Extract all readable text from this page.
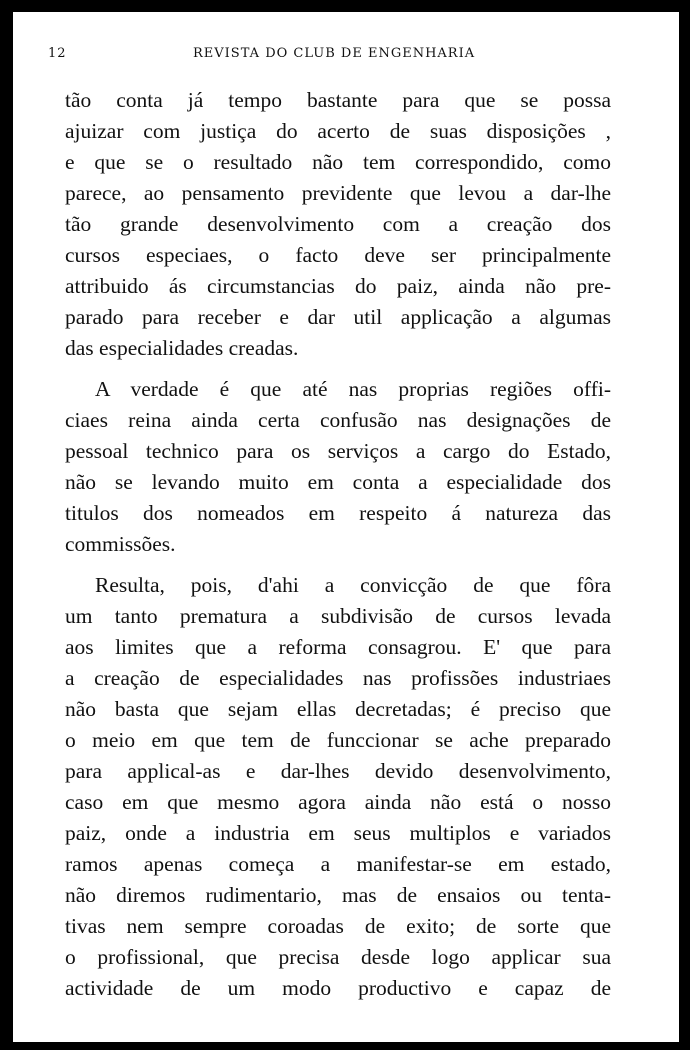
12	REVISTA DO CLUB DE ENGENHARIA
tão conta já tempo bastante para que se possa
ajuizar com justiça do acerto de suas disposições ,
e que se o resultado não tem correspondido, como
parece, ao pensamento previdente que levou a dar-lhe
tão grande desenvolvimento com a creação dos
cursos especiaes, o facto deve ser principalmente
attribuido ás circumstancias do paiz, ainda não pre-
parado para receber e dar util applicação a algumas
das especialidades creadas.
A verdade é que até nas proprias regiões offi-
ciaes reina ainda certa confusão nas designações de
pessoal technico para os serviços a cargo do Estado,
não se levando muito em conta a especialidade dos
titulos dos nomeados em respeito á natureza das
commissões.
Resulta, pois, d'ahi a convicção de que fôra
um tanto prematura a subdivisão de cursos levada
aos limites que a reforma consagrou. E' que para
a creação de especialidades nas profissões industriaes
não basta que sejam ellas decretadas; é preciso que
o meio em que tem de funccionar se ache preparado
para applical-as e dar-lhes devido desenvolvimento,
caso em que mesmo agora ainda não está o nosso
paiz, onde a industria em seus multiplos e variados
ramos apenas começa a manifestar-se em estado,
não diremos rudimentario, mas de ensaios ou tenta-
tivas nem sempre coroadas de exito; de sorte que
o profissional, que precisa desde logo applicar sua
actividade de um modo productivo e capaz de
